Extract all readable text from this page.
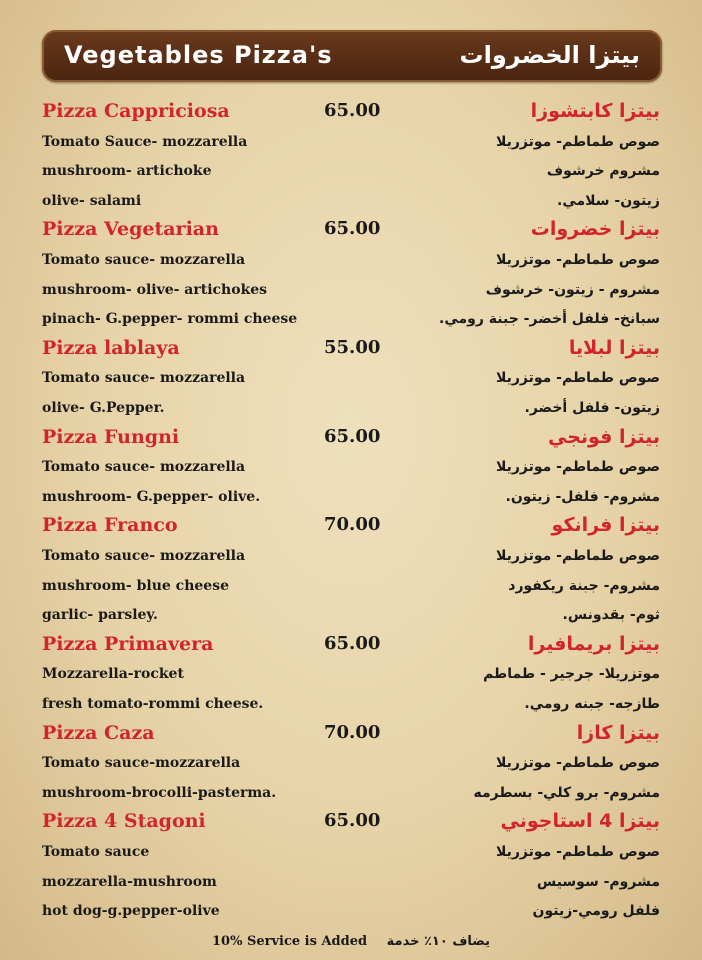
Vegetables Pizza's	بيتزا الخضروات
Pizza Cappriciosa	65.00	بيتزا كابتشوزا
Tomato Sauce- mozzarella	صوص طماطم- موتزريلا
mushroom- artichoke	مشروم خرشوف
olive- salami	زيتون- سلامي.
Pizza Vegetarian	65.00	بيتزا خضروات
Tomato sauce- mozzarella	صوص طماطم- موتزريلا
mushroom- olive- artichokes	مشروم - زيتون- خرشوف
pinach- G.pepper- rommi cheese	سبانخ- فلفل أخضر- جبنة رومي.
Pizza lablaya	55.00	بيتزا لبلايا
Tomato sauce- mozzarella	صوص طماطم- موتزريلا
olive- G.Pepper.	زيتون- فلفل أخضر.
Pizza Fungni	65.00	بيتزا فونجي
Tomato sauce- mozzarella	صوص طماطم- موتزريلا
mushroom- G.pepper- olive.	مشروم- فلفل- زيتون.
Pizza Franco	70.00	بيتزا فرانكو
Tomato sauce- mozzarella	صوص طماطم- موتزريلا
mushroom- blue cheese	مشروم- جبنة ريكفورد
garlic- parsley.	ثوم- بقدونس.
Pizza Primavera	65.00	بيتزا بريمافيرا
Mozzarella-rocket	موتزريلا- جرجير - طماطم
fresh tomato-rommi cheese.	طازجه- جبنه رومي.
Pizza Caza	70.00	بيتزا كازا
Tomato sauce-mozzarella	صوص طماطم- موتزريلا
mushroom-brocolli-pasterma.	مشروم- برو كلي- بسطرمه
Pizza 4 Stagoni	65.00	بيتزا 4 استاجوني
Tomato sauce	صوص طماطم- موتزريلا
mozzarella-mushroom	مشروم- سوسيس
hot dog-g.pepper-olive	فلفل رومي-زيتون
10% Service is Added يضاف ١٠٪ خدمة
